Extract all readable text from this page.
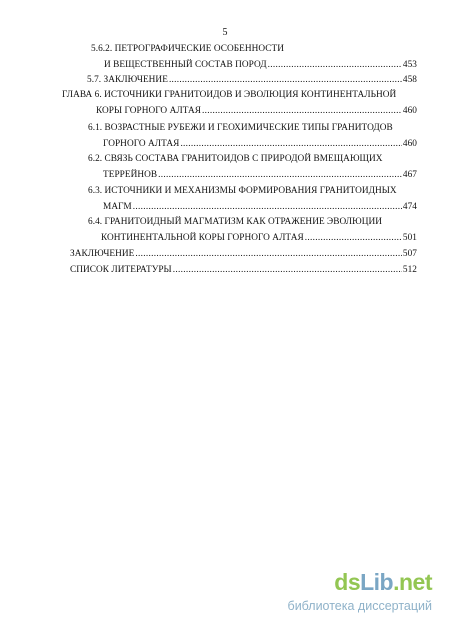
5
5.6.2. ПЕТРОГРАФИЧЕСКИЕ ОСОБЕННОСТИ
И ВЕЩЕСТВЕННЫЙ СОСТАВ ПОРОД .....	453
5.7. ЗАКЛЮЧЕНИЕ .....	458
ГЛАВА 6. ИСТОЧНИКИ ГРАНИТОИДОВ И ЭВОЛЮЦИЯ КОНТИНЕНТАЛЬНОЙ
КОРЫ ГОРНОГО АЛТАЯ .....	460
6.1. ВОЗРАСТНЫЕ РУБЕЖИ И ГЕОХИМИЧЕСКИЕ ТИПЫ ГРАНИТОДОВ
ГОРНОГО АЛТАЯ .....	460
6.2. СВЯЗЬ СОСТАВА ГРАНИТОИДОВ С ПРИРОДОЙ ВМЕЩАЮЩИХ
ТЕРРЕЙНОВ .....	467
6.3. ИСТОЧНИКИ И МЕХАНИЗМЫ ФОРМИРОВАНИЯ ГРАНИТОИДНЫХ
МАГМ .....	474
6.4. ГРАНИТОИДНЫЙ МАГМАТИЗМ КАК ОТРАЖЕНИЕ ЭВОЛЮЦИИ
КОНТИНЕНТАЛЬНОЙ КОРЫ ГОРНОГО АЛТАЯ .....	501
ЗАКЛЮЧЕНИЕ .....	507
СПИСОК ЛИТЕРАТУРЫ .....	512
ds Lib .net
библиотека диссертаций
